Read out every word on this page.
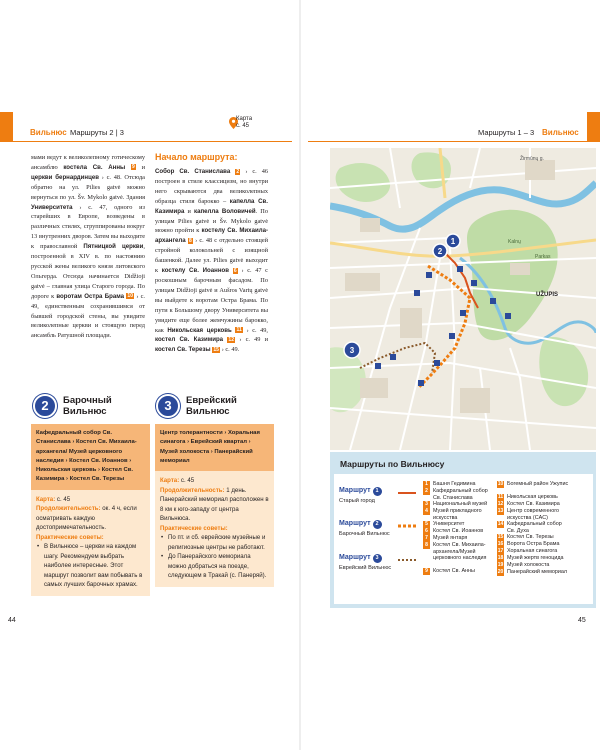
Вильнюс Маршруты 2 | 3
Карта
с. 45
Маршруты 1 – 3 Вильнюс
мами ведут к великолепному готическому ансамблю костела Св. Анны 9 и церкви бернардинцев › с. 48. Отсюда обратно на ул. Pilies gatvė можно вернуться по ул. Šv. Mykolo gatvė. Здания Университета › с. 47, одного из старейших в Европе, возведены в различных стилях, сгруппированы вокруг 13 внутренних дворов. Затем вы выходите к православной Пятницкой церкви, построенной в XIV в. по настоянию русской жены великого князя литовского Ольгерда. Отсюда начинается Didžioji gatvė – главная улица Старого города. По дороге к воротам Остра Брама 10 › с. 49, единственным сохранившимся от бывшей городской стены, вы увидите великолепные церкви и стоящую перед ансамбль Ратушной площади.
Начало маршрута:
Собор Св. Станислава 2 › с. 46 построен в стиле классицизм, но внутри него скрываются два великолепных образца стиля барокко – капелла Св. Казимира и капелла Воловичей. По улицам Pilies gatvė и Šv. Mykolo gatvė можно пройти к костелу Св. Михаила-архангела 8 › с. 48 с отдельно стоящей стройной колокольней с изящной башенкой. Далее ул. Pilies gatvė выходит к костелу Св. Иоаннов 6 › с. 47 с роскошным барочным фасадом. По улицам Didžioji gatvė и Aušros Vartų gatvė вы выйдете к воротам Остра Брама. По пути к Большому двору Университета вы увидите еще более жемчужины барокко, как Никольская церковь 11 › с. 49, костел Св. Казимира 12 › с. 49 и костел Св. Терезы 15 › с. 49.
2	Барочный
Вильнюс
Кафедральный собор Св. Станислава › Костел Св. Михаила-архангела/ Музей церковного наследия › Костел Св. Иоаннов › Никольская церковь › Костел Св. Казимира › Костел Св. Терезы
Карта: с. 45
Продолжительность: ок. 4 ч, если осматривать каждую достопримечательность.
Практические советы:
• В Вильнюсе – церкви на каждом шагу. Рекомендуем выбрать наиболее интересные. Этот маршрут позволит вам побывать в самых лучших барочных храмах.
3	Еврейский
Вильнюс
Центр толерантности › Хоральная синагога › Еврейский квартал › Музей холокоста › Панерайский мемориал
Карта: с. 45
Продолжительность: 1 день. Панерайский мемориал расположен в 8 км к юго-западу от центра Вильнюса.
Практические советы:
• По пт. и сб. еврейские музейные и религиозные центры не работают.
• До Панерайского мемориала можно добраться на поезде, следующем в Тракай (с. Панеряй).
44	45
1
2
3
UŽUPIS
Parkas
Kalnų
Žirmūnų g.
Маршруты по Вильнюсу
Маршрут 1
Старый город
Маршрут 2
Барочный Вильнюс
Маршрут 3
Еврейский Вильнюс
1 Башня Гедимина
2 Кафедральный собор Св. Станислава
3 Национальный музей
4 Музей прикладного искусства
5 Университет
6 Костел Св. Иоаннов
7 Музей янтаря
8 Костел Св. Михаила-архангела/Музей церковного наследия
9 Костел Св. Анны
10 Богемный район Ужупис
11 Никольская церковь
12 Костел Св. Казимира
13 Центр современного искусства (CAC)
14 Кафедральный собор Св. Духа
15 Костел Св. Терезы
16 Ворота Остра Брама
17 Хоральная синагога
18 Музей жертв геноцида
19 Музей холокоста
20 Панерайский мемориал
